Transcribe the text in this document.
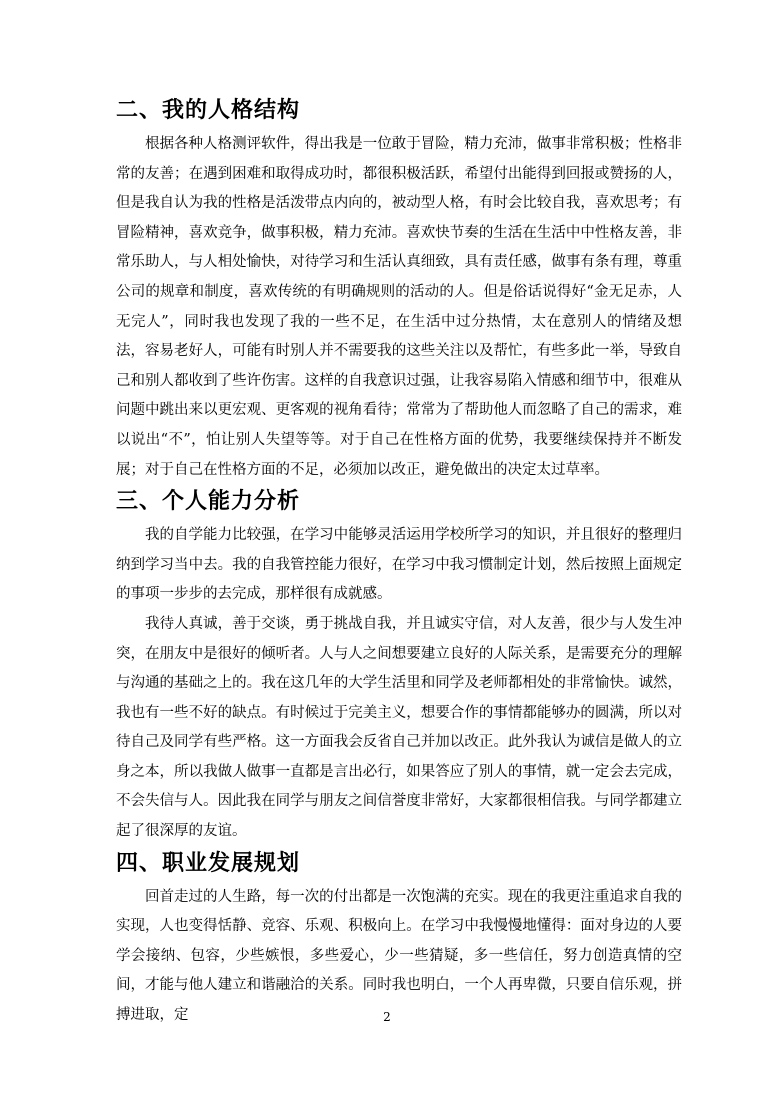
二、我的人格结构

根据各种人格测评软件，得出我是一位敢于冒险，精力充沛，做事非常积极；性格非常的友善；在遇到困难和取得成功时，都很积极活跃，希望付出能得到回报或赞扬的人，但是我自认为我的性格是活泼带点内向的，被动型人格，有时会比较自我，喜欢思考；有冒险精神，喜欢竞争，做事积极，精力充沛。喜欢快节奏的生活在生活中中性格友善，非常乐助人，与人相处愉快，对待学习和生活认真细致，具有责任感，做事有条有理，尊重公司的规章和制度，喜欢传统的有明确规则的活动的人。但是俗话说得好“金无足赤，人无完人”，同时我也发现了我的一些不足，在生活中过分热情，太在意别人的情绪及想法，容易老好人，可能有时别人并不需要我的这些关注以及帮忙，有些多此一举，导致自己和别人都收到了些许伤害。这样的自我意识过强，让我容易陷入情感和细节中，很难从问题中跳出来以更宏观、更客观的视角看待；常常为了帮助他人而忽略了自己的需求，难以说出“不”，怕让别人失望等等。对于自己在性格方面的优势，我要继续保持并不断发展；对于自己在性格方面的不足，必须加以改正，避免做出的决定太过草率。

三、个人能力分析

我的自学能力比较强，在学习中能够灵活运用学校所学习的知识，并且很好的整理归纳到学习当中去。我的自我管控能力很好，在学习中我习惯制定计划，然后按照上面规定的事项一步步的去完成，那样很有成就感。

我待人真诚，善于交谈，勇于挑战自我，并且诚实守信，对人友善，很少与人发生冲突，在朋友中是很好的倾听者。人与人之间想要建立良好的人际关系，是需要充分的理解与沟通的基础之上的。我在这几年的大学生活里和同学及老师都相处的非常愉快。诚然，我也有一些不好的缺点。有时候过于完美主义，想要合作的事情都能够办的圆满，所以对待自己及同学有些严格。这一方面我会反省自己并加以改正。此外我认为诚信是做人的立身之本，所以我做人做事一直都是言出必行，如果答应了别人的事情，就一定会去完成，不会失信与人。因此我在同学与朋友之间信誉度非常好，大家都很相信我。与同学都建立起了很深厚的友谊。

四、职业发展规划

回首走过的人生路，每一次的付出都是一次饱满的充实。现在的我更注重追求自我的实现，人也变得恬静、竞容、乐观、积极向上。在学习中我慢慢地懂得：面对身边的人要学会接纳、包容，少些嫉恨，多些爱心，少一些猜疑，多一些信任，努力创造真情的空间，才能与他人建立和谐融洽的关系。同时我也明白，一个人再卑微，只要自信乐观，拼搏进取，定	2
